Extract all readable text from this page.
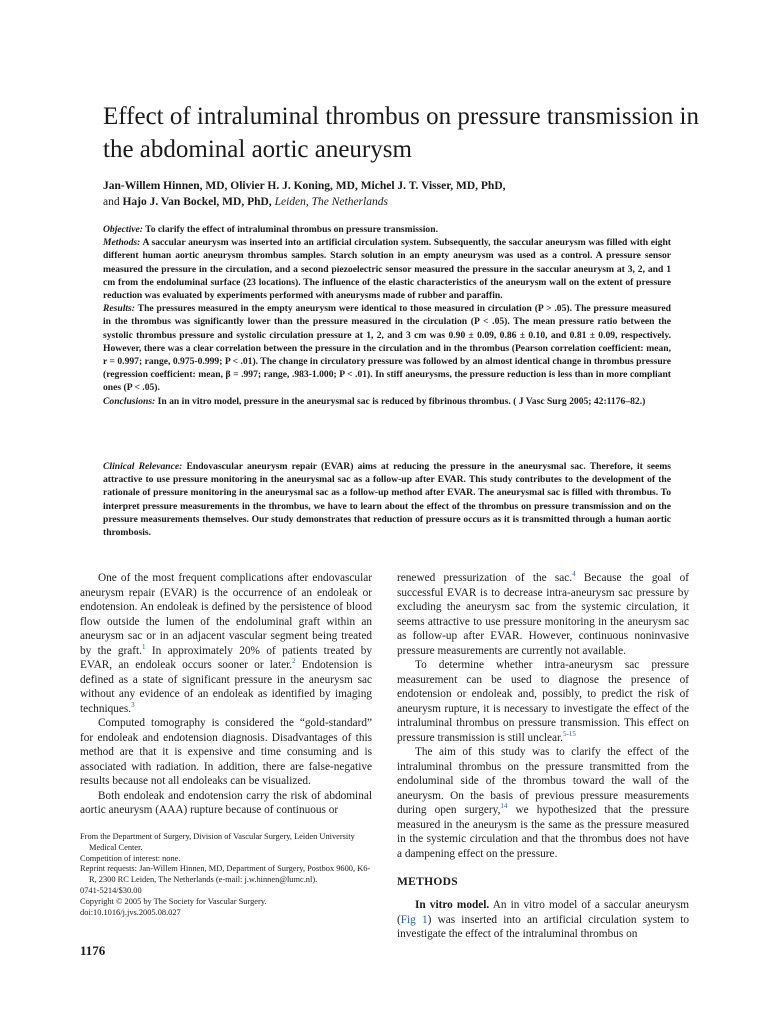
Effect of intraluminal thrombus on pressure transmission in the abdominal aortic aneurysm
Jan-Willem Hinnen, MD, Olivier H. J. Koning, MD, Michel J. T. Visser, MD, PhD,
and Hajo J. Van Bockel, MD, PhD, Leiden, The Netherlands

Objective: To clarify the effect of intraluminal thrombus on pressure transmission.

Methods: A saccular aneurysm was inserted into an artificial circulation system. Subsequently, the saccular aneurysm was filled with eight different human aortic aneurysm thrombus samples. Starch solution in an empty aneurysm was used as a control. A pressure sensor measured the pressure in the circulation, and a second piezoelectric sensor measured the pressure in the saccular aneurysm at 3, 2, and 1 cm from the endoluminal surface (23 locations). The influence of the elastic characteristics of the aneurysm wall on the extent of pressure reduction was evaluated by experiments performed with aneurysms made of rubber and paraffin.

Results: The pressures measured in the empty aneurysm were identical to those measured in circulation (P > .05). The pressure measured in the thrombus was significantly lower than the pressure measured in the circulation (P < .05). The mean pressure ratio between the systolic thrombus pressure and systolic circulation pressure at 1, 2, and 3 cm was 0.90 ± 0.09, 0.86 ± 0.10, and 0.81 ± 0.09, respectively. However, there was a clear correlation between the pressure in the circulation and in the thrombus (Pearson correlation coefficient: mean, r = 0.997; range, 0.975-0.999; P < .01). The change in circulatory pressure was followed by an almost identical change in thrombus pressure (regression coefficient: mean, β = .997; range, .983-1.000; P < .01). In stiff aneurysms, the pressure reduction is less than in more compliant ones (P < .05).

Conclusions: In an in vitro model, pressure in the aneurysmal sac is reduced by fibrinous thrombus. ( J Vasc Surg 2005; 42:1176–82.)

Clinical Relevance: Endovascular aneurysm repair (EVAR) aims at reducing the pressure in the aneurysmal sac. Therefore, it seems attractive to use pressure monitoring in the aneurysmal sac as a follow-up after EVAR. This study contributes to the development of the rationale of pressure monitoring in the aneurysmal sac as a follow-up method after EVAR. The aneurysmal sac is filled with thrombus. To interpret pressure measurements in the thrombus, we have to learn about the effect of the thrombus on pressure transmission and on the pressure measurements themselves. Our study demonstrates that reduction of pressure occurs as it is transmitted through a human aortic thrombosis.

One of the most frequent complications after endovascular aneurysm repair (EVAR) is the occurrence of an endoleak or endotension. An endoleak is defined by the persistence of blood flow outside the lumen of the endoluminal graft within an aneurysm sac or in an adjacent vascular segment being treated by the graft.$^1$ In approximately 20% of patients treated by EVAR, an endoleak occurs sooner or later.$^2$ Endotension is defined as a state of significant pressure in the aneurysm sac without any evidence of an endoleak as identified by imaging techniques.$^3$

Computed tomography is considered the “gold-standard” for endoleak and endotension diagnosis. Disadvantages of this method are that it is expensive and time consuming and is associated with radiation. In addition, there are false-negative results because not all endoleaks can be visualized.

Both endoleak and endotension carry the risk of abdominal aortic aneurysm (AAA) rupture because of continuous or

From the Department of Surgery, Division of Vascular Surgery, Leiden University Medical Center.
Competition of interest: none.
Reprint requests: Jan-Willem Hinnen, MD, Department of Surgery, Postbox 9600, K6-R, 2300 RC Leiden, The Netherlands (e-mail: j.w.hinnen@lumc.nl).
0741-5214/$30.00
Copyright © 2005 by The Society for Vascular Surgery.
doi:10.1016/j.jvs.2005.08.027
1176

renewed pressurization of the sac.$^4$ Because the goal of successful EVAR is to decrease intra-aneurysm sac pressure by excluding the aneurysm sac from the systemic circulation, it seems attractive to use pressure monitoring in the aneurysm sac as follow-up after EVAR. However, continuous noninvasive pressure measurements are currently not available.

To determine whether intra-aneurysm sac pressure measurement can be used to diagnose the presence of endotension or endoleak and, possibly, to predict the risk of aneurysm rupture, it is necessary to investigate the effect of the intraluminal thrombus on pressure transmission. This effect on pressure transmission is still unclear.$^{5-15}$

The aim of this study was to clarify the effect of the intraluminal thrombus on the pressure transmitted from the endoluminal side of the thrombus toward the wall of the aneurysm. On the basis of previous pressure measurements during open surgery,$^{14}$ we hypothesized that the pressure measured in the aneurysm is the same as the pressure measured in the systemic circulation and that the thrombus does not have a dampening effect on the pressure.

METHODS

In vitro model. An in vitro model of a saccular aneurysm (Fig 1) was inserted into an artificial circulation system to investigate the effect of the intraluminal thrombus on
